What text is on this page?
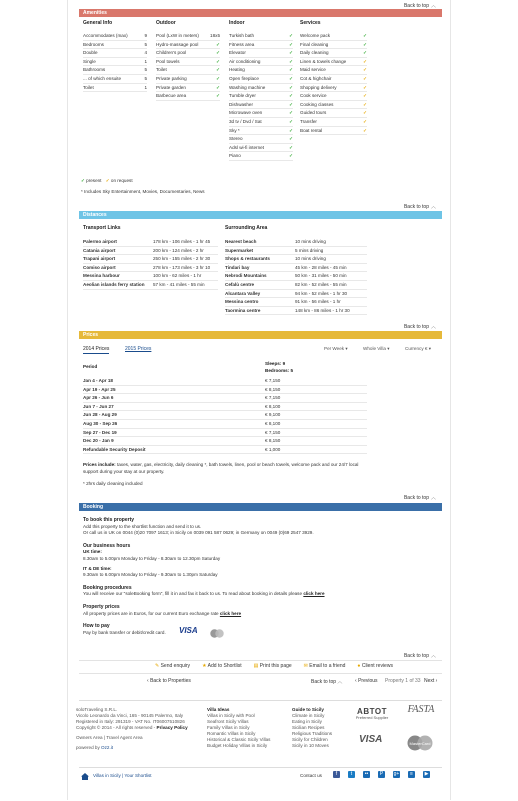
Back to top ︿
Amenities
General Info
Accommodates (max)	9
Bedrooms	5
Double	4
Single	1
Bathrooms	5
... of which ensuite	5
Toilet	1
Outdoor
Pool (LxW in meters) 18x5
Hydro-massage pool	✓
Children's pool	✓
Pool towels	✓
Toilet	✓
Private parking	✓
Private garden	✓
Barbecue area	✓
Indoor
Turkish bath	✓
Fitness area	✓
Elevator	✓
Air conditioning	✓
Heating	✓
Open fireplace	✓
Washing machine	✓
Tumble dryer	✓
Dishwasher	✓
Microwave oven	✓
3d tv / Dvd / Sat	✓
Sky *	✓
Stereo	✓
Adsl wi-fi internet	✓
Piano	✓
Services
Welcome pack	✓
Final cleaning	✓
Daily cleaning	✓
Linen & towels change	✓
Maid service	✓
Cot & highchair	✓
Shopping delivery	✓
Cook service	✓
Cooking classes	✓
Guided tours	✓
Transfer	✓
Boat rental	✓
✓ present ✓ on request
* Includes Sky Entertainment, Movies, Documentaries, News
Back to top ︿
Distances
Transport Links
Palermo airport	178 km - 106 miles - 1 hr 45
Catania airport	200 km - 124 miles - 2 hr
Trapani airport	250 km - 155 miles - 2 hr 30
Comiso airport	278 km - 173 miles - 3 hr 10
Messina harbour	100 km - 62 miles - 1 hr
Aeolian islands ferry station 57 km - 41 miles - 55 min
Surrounding Area
Nearest beach	10 mins driving
Supermarket	5 mins driving
Shops & restaurants	10 mins driving
Tindari bay	45 km - 28 miles - 45 min
Nebrodi Mountains	50 km - 31 miles - 50 min
Cefalù centre	82 km - 52 miles - 55 min
Alcantara Valley	94 km - 52 miles - 1 hr 30
Messina centro	91 km - 56 miles - 1 hr
Taormina centre	148 km - 86 miles - 1 hr 30
Back to top ︿
Prices
2014 Prices	2015 Prices	Per Week ▾	Whole Villa ▾	Currency € ▾
Period
Sleeps: 9
Bedrooms: 5
Jan 4 - Apr 18	€ 7,150
Apr 19 - Apr 25	€ 8,150
Apr 26 - Jun 6	€ 7,150
Jun 7 - Jun 27	€ 8,100
Jun 28 - Aug 29	€ 9,100
Aug 30 - Sep 26	€ 8,100
Sep 27 - Dec 19	€ 7,150
Dec 20 - Jan 9	€ 8,150
Refundable Security Deposit	€ 1,000
Prices include: taxes, water, gas, electricity, daily cleaning *, bath towels, linen, pool or beach towels, welcome pack and our 24/7 local support during your stay at our property.
* 2hrs daily cleaning included
Back to top ︿
Booking
To book this property
Add this property to the shortlist function and send it to us.
Or call us in UK on 0044 (0)20 7097 1613; in Sicily on 0039 091 587 0629; in Germany on 0049 (0)69 2547 3929.
Our business hours
UK time:
8.30am to 5.00pm Monday to Friday - 8.30am to 12.30pm Saturday
IT & DE time:
9.30am to 6.00pm Monday to Friday - 9.30am to 1.30pm Saturday
Booking procedures
You will receive our "soleBooking form", fill it in and fax it back to us. To read about booking in details please click here
Property prices
All property prices are in Euros, for our current Euro exchange rate click here
How to pay
Pay by bank transfer or debit/credit card. VISA
Back to top ︿
✎ Send enquiry ★ Add to Shortlist ▤ Print this page ✉ Email to a friend ● Client reviews
‹ Back to Properties	Back to top ︿	‹ Previous Property 1 of 33 Next ›
soloTraveling S.R.L.
Vicolo Leonardo da Vinci, 165 - 90145 Palermo, Italy
Registered in Italy: 291319 - VAT No. IT06007510826
Copyright © 2014 - All rights reserved - Privacy Policy
Owners Area | Travel Agent Area
powered by Oz2.it
Villa Ideas
Villas in Sicily with Pool
Seafront Sicily Villas
Family Villas in Sicily
Romantic Villas in Sicily
Historical & Classic Sicily Villas
Budget Holiday Villas in Sicily
Guide to Sicily
Climate in Sicily
Eating in Sicily
Sicilian Recipes
Religious Traditions
Sicily for Children
Sicily in 10 Moves
ABTOT
Preferred Supplier
FASTA
VISA	MasterCard
Villas in Sicily | Your Shortlist	Contact us	f	t	••	P	g+	≡	▶
